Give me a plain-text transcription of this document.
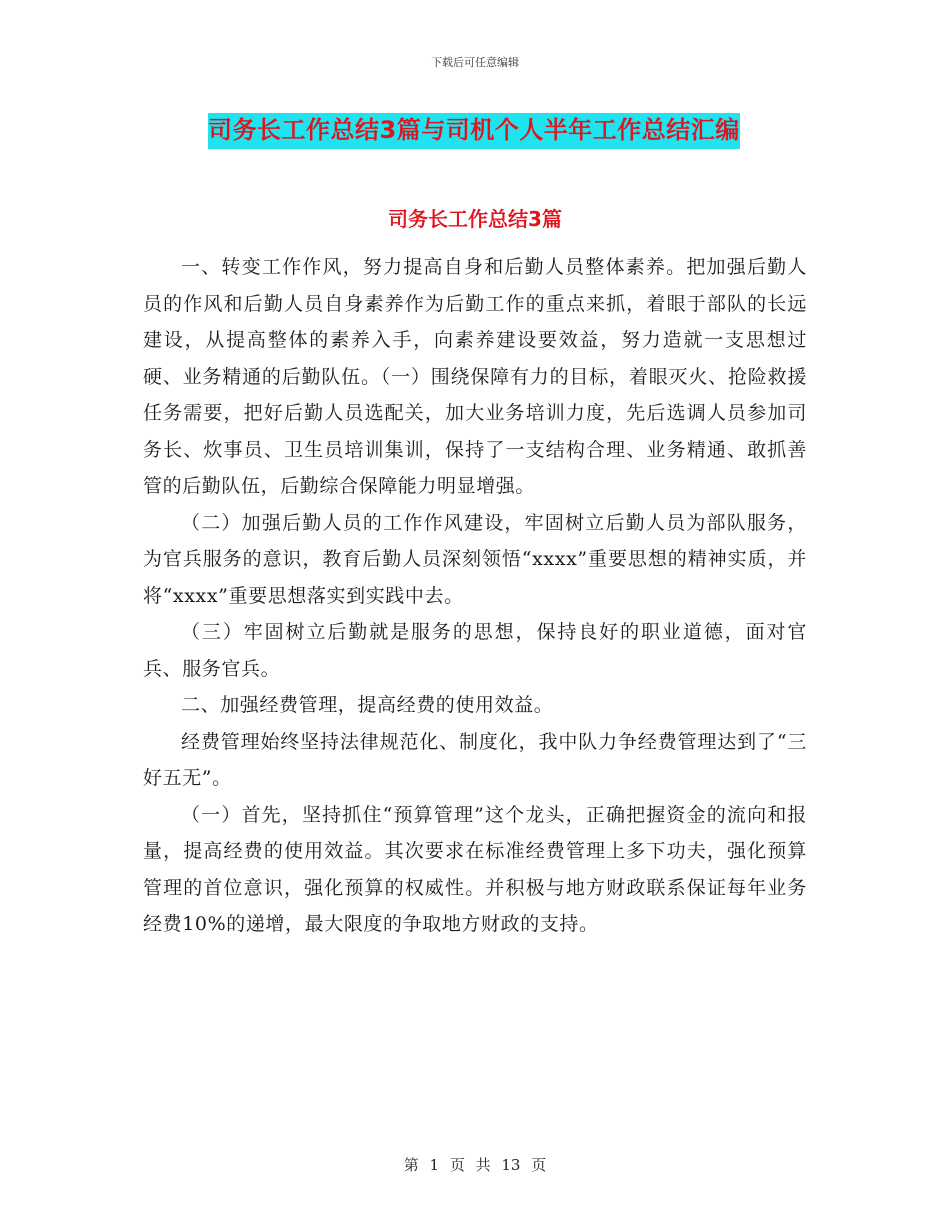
下载后可任意编辑
司务长工作总结3篇与司机个人半年工作总结汇编
司务长工作总结3篇

一、转变工作作风，努力提高自身和后勤人员整体素养。把加强后勤人员的作风和后勤人员自身素养作为后勤工作的重点来抓，着眼于部队的长远建设，从提高整体的素养入手，向素养建设要效益，努力造就一支思想过硬、业务精通的后勤队伍。（一）围绕保障有力的目标，着眼灭火、抢险救援任务需要，把好后勤人员选配关，加大业务培训力度，先后选调人员参加司务长、炊事员、卫生员培训集训，保持了一支结构合理、业务精通、敢抓善管的后勤队伍，后勤综合保障能力明显增强。

（二）加强后勤人员的工作作风建设，牢固树立后勤人员为部队服务，为官兵服务的意识，教育后勤人员深刻领悟“xxxx”重要思想的精神实质，并将“xxxx”重要思想落实到实践中去。

（三）牢固树立后勤就是服务的思想，保持良好的职业道德，面对官兵、服务官兵。

二、加强经费管理，提高经费的使用效益。

经费管理始终坚持法律规范化、制度化，我中队力争经费管理达到了“三好五无”。

（一）首先，坚持抓住“预算管理”这个龙头，正确把握资金的流向和报量，提高经费的使用效益。其次要求在标准经费管理上多下功夫，强化预算管理的首位意识，强化预算的权威性。并积极与地方财政联系保证每年业务经费10%的递增，最大限度的争取地方财政的支持。

第 1 页 共 13 页
